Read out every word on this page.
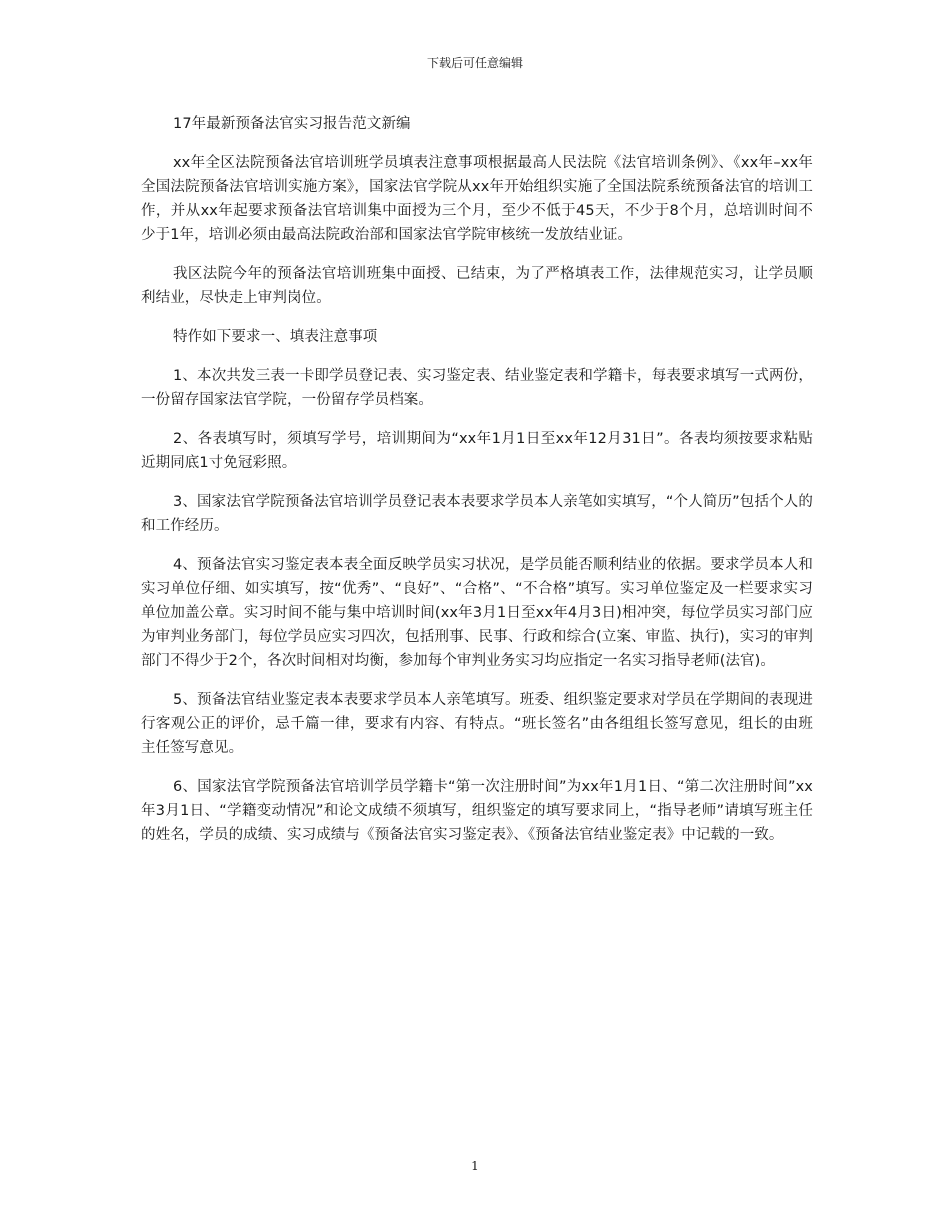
下载后可任意编辑

17年最新预备法官实习报告范文新编

xx年全区法院预备法官培训班学员填表注意事项根据最高人民法院《法官培训条例》、《xx年–xx年全国法院预备法官培训实施方案》，国家法官学院从xx年开始组织实施了全国法院系统预备法官的培训工作，并从xx年起要求预备法官培训集中面授为三个月，至少不低于45天，不少于8个月，总培训时间不少于1年，培训必须由最高法院政治部和国家法官学院审核统一发放结业证。

我区法院今年的预备法官培训班集中面授、已结束，为了严格填表工作，法律规范实习，让学员顺利结业，尽快走上审判岗位。

特作如下要求一、填表注意事项

1、本次共发三表一卡即学员登记表、实习鉴定表、结业鉴定表和学籍卡，每表要求填写一式两份，一份留存国家法官学院，一份留存学员档案。

2、各表填写时，须填写学号，培训期间为“xx年1月1日至xx年12月31日”。各表均须按要求粘贴近期同底1寸免冠彩照。

3、国家法官学院预备法官培训学员登记表本表要求学员本人亲笔如实填写，“个人简历”包括个人的和工作经历。

4、预备法官实习鉴定表本表全面反映学员实习状况，是学员能否顺利结业的依据。要求学员本人和实习单位仔细、如实填写，按“优秀”、“良好”、“合格”、“不合格”填写。实习单位鉴定及一栏要求实习单位加盖公章。实习时间不能与集中培训时间(xx年3月1日至xx年4月3日)相冲突，每位学员实习部门应为审判业务部门，每位学员应实习四次，包括刑事、民事、行政和综合(立案、审监、执行)，实习的审判部门不得少于2个，各次时间相对均衡，参加每个审判业务实习均应指定一名实习指导老师(法官)。

5、预备法官结业鉴定表本表要求学员本人亲笔填写。班委、组织鉴定要求对学员在学期间的表现进行客观公正的评价，忌千篇一律，要求有内容、有特点。“班长签名”由各组组长签写意见，组长的由班主任签写意见。

6、国家法官学院预备法官培训学员学籍卡“第一次注册时间”为xx年1月1日、“第二次注册时间”xx年3月1日、“学籍变动情况”和论文成绩不须填写，组织鉴定的填写要求同上，“指导老师”请填写班主任的姓名，学员的成绩、实习成绩与《预备法官实习鉴定表》、《预备法官结业鉴定表》中记载的一致。

1
